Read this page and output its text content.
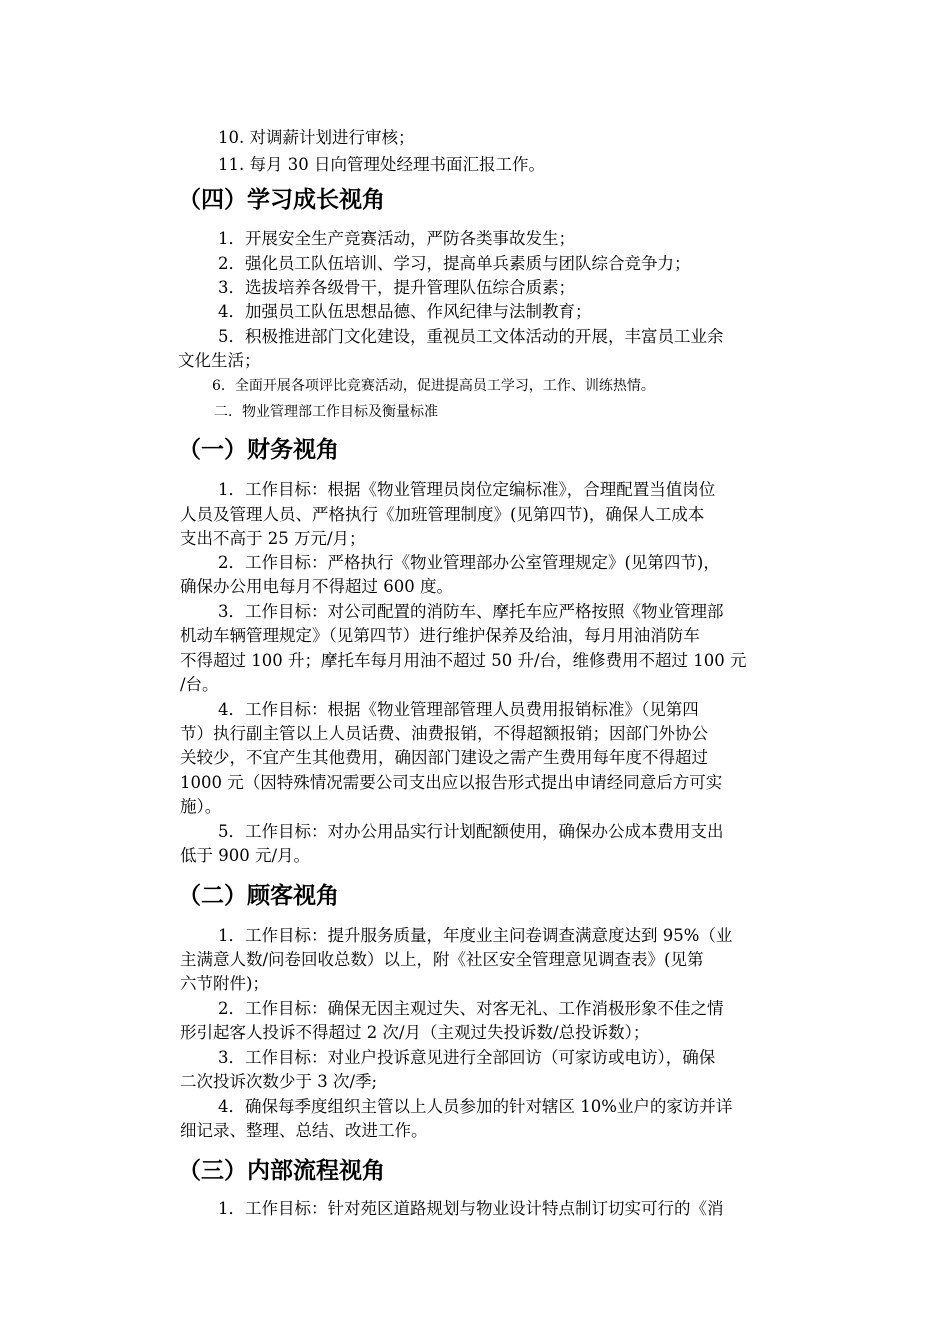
10. 对调薪计划进行审核；
11. 每月 30 日向管理处经理书面汇报工作。
（四）学习成长视角
1．开展安全生产竞赛活动，严防各类事故发生；
2．强化员工队伍培训、学习，提高单兵素质与团队综合竞争力；
3．选拔培养各级骨干，提升管理队伍综合质素；
4．加强员工队伍思想品德、作风纪律与法制教育；
5．积极推进部门文化建设，重视员工文体活动的开展，丰富员工业余
文化生活；
6．全面开展各项评比竞赛活动，促进提高员工学习，工作、训练热情。
二．物业管理部工作目标及衡量标准
（一）财务视角
1．工作目标：根据《物业管理员岗位定编标准》，合理配置当值岗位
人员及管理人员、严格执行《加班管理制度》(见第四节)，确保人工成本
支出不高于 25 万元/月；
2．工作目标：严格执行《物业管理部办公室管理规定》(见第四节)，
确保办公用电每月不得超过 600 度。
3．工作目标：对公司配置的消防车、摩托车应严格按照《物业管理部
机动车辆管理规定》（见第四节）进行维护保养及给油，每月用油消防车
不得超过 100 升；摩托车每月用油不超过 50 升/台，维修费用不超过 100 元
/台。
4．工作目标：根据《物业管理部管理人员费用报销标准》（见第四
节）执行副主管以上人员话费、油费报销，不得超额报销；因部门外协公
关较少，不宜产生其他费用，确因部门建设之需产生费用每年度不得超过
1000 元（因特殊情况需要公司支出应以报告形式提出申请经同意后方可实
施）。
5．工作目标：对办公用品实行计划配额使用，确保办公成本费用支出
低于 900 元/月。
（二）顾客视角
1．工作目标：提升服务质量，年度业主问卷调查满意度达到 95%（业
主满意人数/问卷回收总数）以上，附《社区安全管理意见调查表》(见第
六节附件)；
2．工作目标：确保无因主观过失、对客无礼、工作消极形象不佳之情
形引起客人投诉不得超过 2 次/月（主观过失投诉数/总投诉数）；
3．工作目标：对业户投诉意见进行全部回访（可家访或电访），确保
二次投诉次数少于 3 次/季;
4．确保每季度组织主管以上人员参加的针对辖区 10%业户的家访并详
细记录、整理、总结、改进工作。
（三）内部流程视角
1．工作目标：针对苑区道路规划与物业设计特点制订切实可行的《消
